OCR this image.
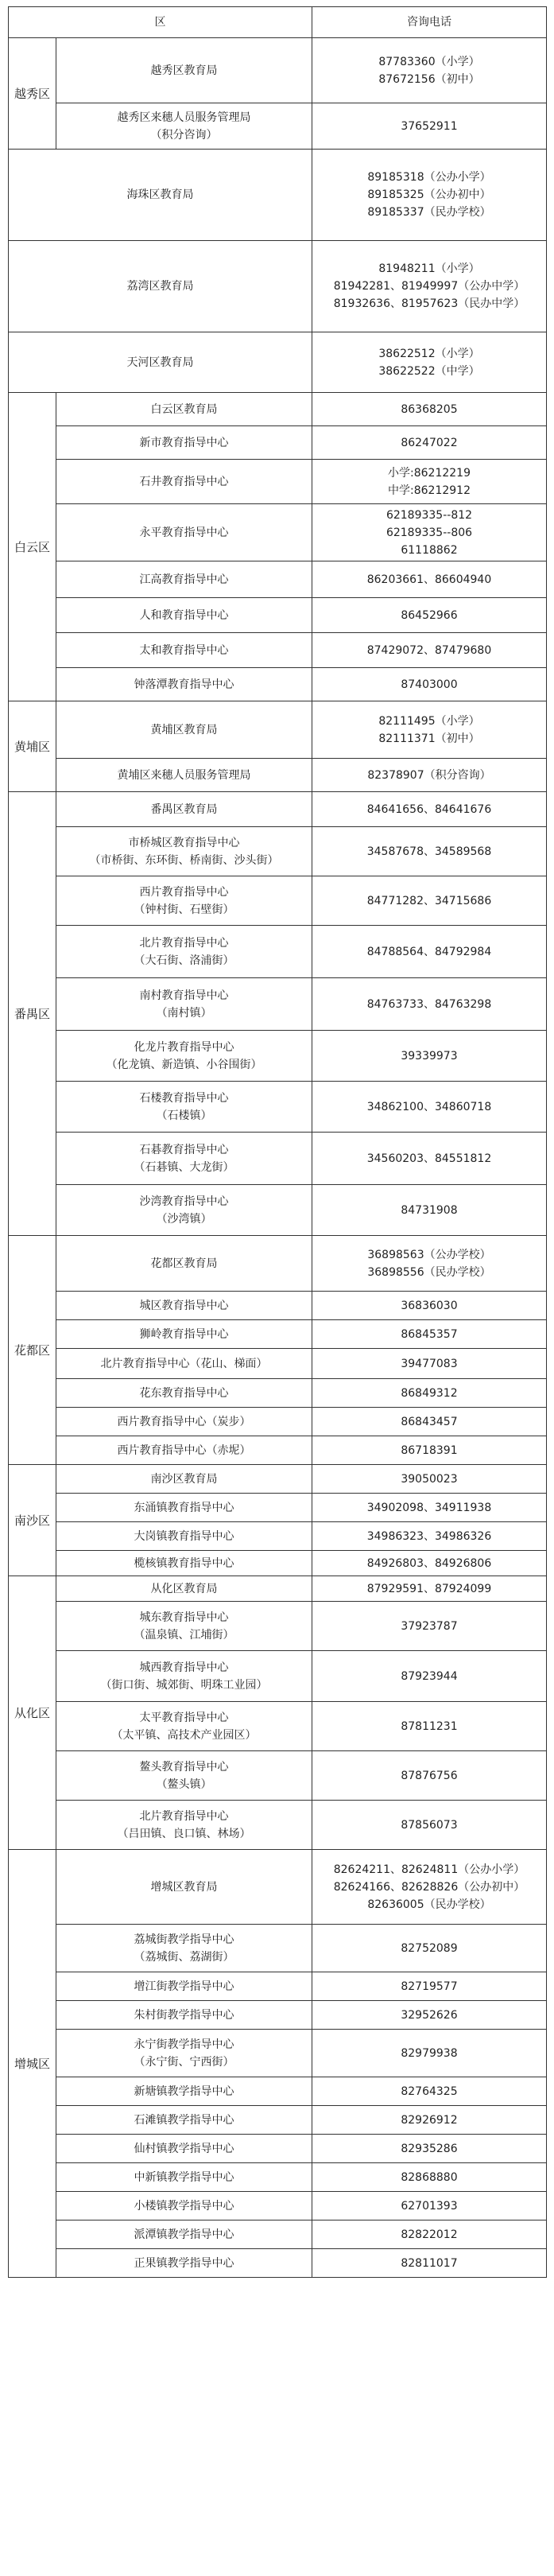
区		咨询电话
越秀区	越秀区教育局	87783360（小学）
87672156（初中）

	越秀区来穗人员服务管理局
（积分咨询）	37652911

海珠区教育局		89185318（公办小学）
89185325（公办初中）
89185337（民办学校）

荔湾区教育局		81948211（小学）
81942281、81949997（公办中学）
81932636、81957623（民办中学）

天河区教育局		38622512（小学）
38622522（中学）

白云区	白云区教育局	86368205

	新市教育指导中心	86247022

	石井教育指导中心	小学:86212219
中学:86212912

	永平教育指导中心	62189335--812
62189335--806
61118862

	江高教育指导中心	86203661、86604940

	人和教育指导中心	86452966

	太和教育指导中心	87429072、87479680

	钟落潭教育指导中心	87403000

黄埔区	黄埔区教育局	82111495（小学）
82111371（初中）

	黄埔区来穗人员服务管理局	82378907（积分咨询）

番禺区	番禺区教育局	84641656、84641676

	市桥城区教育指导中心
（市桥街、东环街、桥南街、沙头街）	34587678、34589568

	西片教育指导中心
（钟村街、石壁街）	84771282、34715686

	北片教育指导中心
（大石街、洛浦街）	84788564、84792984

	南村教育指导中心
（南村镇）	84763733、84763298

	化龙片教育指导中心
（化龙镇、新造镇、小谷围街）	39339973

	石楼教育指导中心
（石楼镇）	34862100、34860718

	石碁教育指导中心
（石碁镇、大龙街）	34560203、84551812

	沙湾教育指导中心
（沙湾镇）	84731908

花都区	花都区教育局	36898563（公办学校）
36898556（民办学校）

	城区教育指导中心	36836030

	狮岭教育指导中心	86845357

	北片教育指导中心（花山、梯面）	39477083

	花东教育指导中心	86849312

	西片教育指导中心（炭步）	86843457

	西片教育指导中心（赤坭）	86718391

南沙区	南沙区教育局	39050023

	东涌镇教育指导中心	34902098、34911938

	大岗镇教育指导中心	34986323、34986326

	榄核镇教育指导中心	84926803、84926806

从化区	从化区教育局	87929591、87924099

	城东教育指导中心
（温泉镇、江埔街）	37923787

	城西教育指导中心
（街口街、城郊街、明珠工业园）	87923944

	太平教育指导中心
（太平镇、高技术产业园区）	87811231

	鳌头教育指导中心
（鳌头镇）	87876756

	北片教育指导中心
（吕田镇、良口镇、林场）	87856073

增城区	增城区教育局	82624211、82624811（公办小学）
82624166、82628826（公办初中）
82636005（民办学校）

	荔城街教学指导中心
（荔城街、荔湖街）	82752089

	增江街教学指导中心	82719577

	朱村街教学指导中心	32952626

	永宁街教学指导中心
（永宁街、宁西街）	82979938

	新塘镇教学指导中心	82764325

	石滩镇教学指导中心	82926912

	仙村镇教学指导中心	82935286

	中新镇教学指导中心	82868880

	小楼镇教学指导中心	62701393

	派潭镇教学指导中心	82822012

	正果镇教学指导中心	82811017
